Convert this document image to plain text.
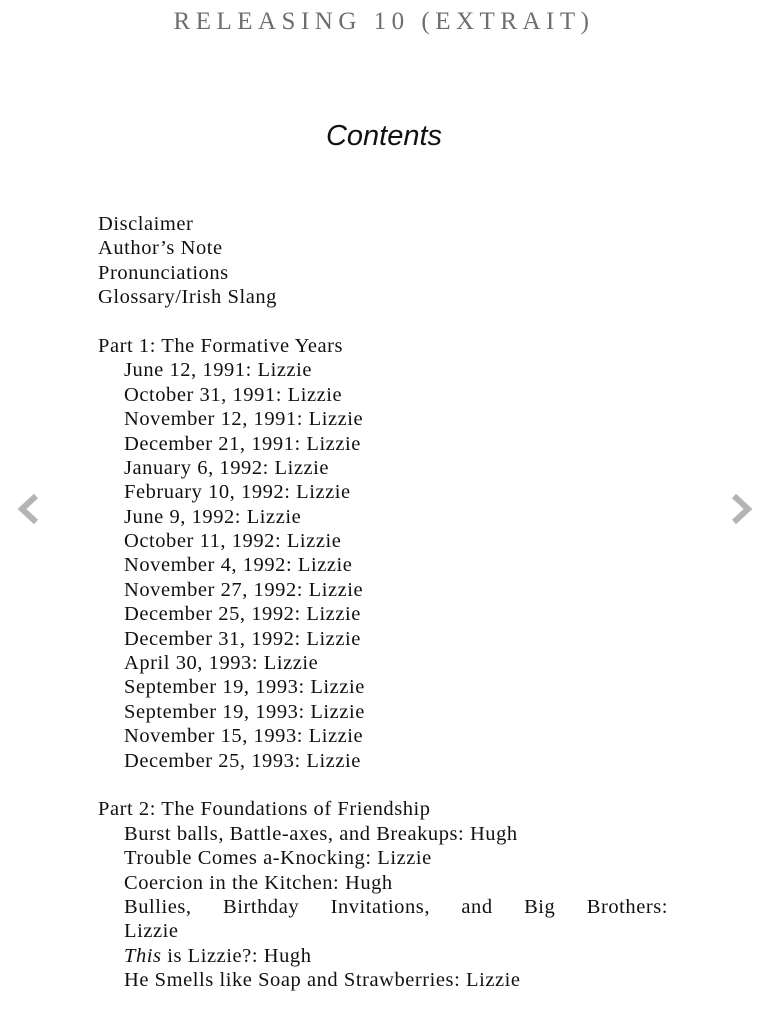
RELEASING 10 (EXTRAIT)
Contents
Disclaimer
Author’s Note
Pronunciations
Glossary/Irish Slang
Part 1: The Formative Years
June 12, 1991: Lizzie
October 31, 1991: Lizzie
November 12, 1991: Lizzie
December 21, 1991: Lizzie
January 6, 1992: Lizzie
February 10, 1992: Lizzie
June 9, 1992: Lizzie
October 11, 1992: Lizzie
November 4, 1992: Lizzie
November 27, 1992: Lizzie
December 25, 1992: Lizzie
December 31, 1992: Lizzie
April 30, 1993: Lizzie
September 19, 1993: Lizzie
September 19, 1993: Lizzie
November 15, 1993: Lizzie
December 25, 1993: Lizzie
Part 2: The Foundations of Friendship
Burst balls, Battle-axes, and Breakups: Hugh
Trouble Comes a-Knocking: Lizzie
Coercion in the Kitchen: Hugh
Bullies, Birthday Invitations, and Big Brothers:
Lizzie
This is Lizzie?: Hugh
He Smells like Soap and Strawberries: Lizzie
